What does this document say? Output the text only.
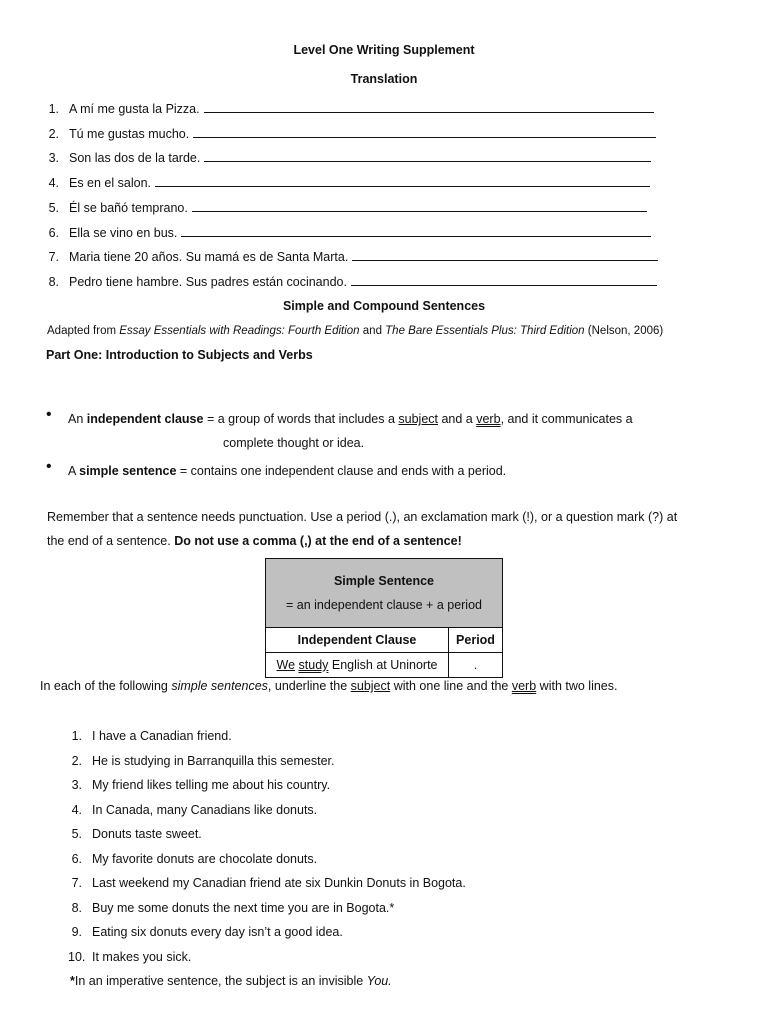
Level One Writing Supplement
Translation
1. A mí me gusta la Pizza.
2. Tú me gustas mucho.
3. Son las dos de la tarde.
4. Es en el salon.
5. Él se bañó temprano.
6. Ella se vino en bus.
7. Maria tiene 20 años. Su mamá es de Santa Marta.
8. Pedro tiene hambre. Sus padres están cocinando.
Simple and Compound Sentences
Adapted from Essay Essentials with Readings: Fourth Edition and The Bare Essentials Plus: Third Edition (Nelson, 2006)
Part One: Introduction to Subjects and Verbs
• An independent clause = a group of words that includes a subject and a verb, and it communicates a
complete thought or idea.
• A simple sentence = contains one independent clause and ends with a period.
Remember that a sentence needs punctuation. Use a period (.), an exclamation mark (!), or a question mark (?) at
the end of a sentence. Do not use a comma (,) at the end of a sentence!
Simple Sentence
= an independent clause + a period	

Independent Clause	Period
We study English at Uninorte	.
In each of the following simple sentences, underline the subject with one line and the verb with two lines.
1. I have a Canadian friend.
2. He is studying in Barranquilla this semester.
3. My friend likes telling me about his country.
4. In Canada, many Canadians like donuts.
5. Donuts taste sweet.
6. My favorite donuts are chocolate donuts.
7. Last weekend my Canadian friend ate six Dunkin Donuts in Bogota.
8. Buy me some donuts the next time you are in Bogota.*
9. Eating six donuts every day isn’t a good idea.
10. It makes you sick.
*In an imperative sentence, the subject is an invisible You.
